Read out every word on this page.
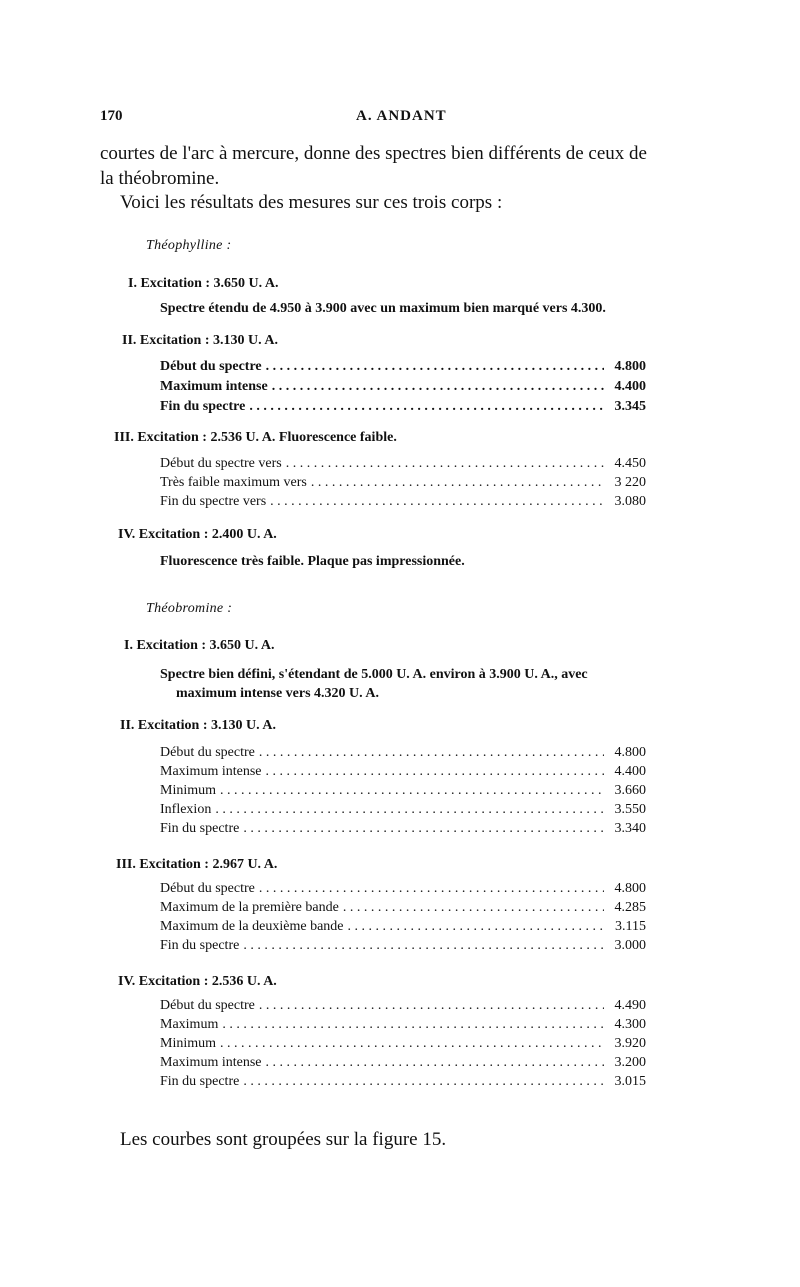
170	A. ANDANT
courtes de l'arc à mercure, donne des spectres bien différents de ceux de
la théobromine.
Voici les résultats des mesures sur ces trois corps :
Théophylline :
I. Excitation : 3.650 U. A.
Spectre étendu de 4.950 à 3.900 avec un maximum bien marqué vers 4.300.
II. Excitation : 3.130 U. A.
Début du spectre . . .	4.800
Maximum intense . . .	4.400
Fin du spectre . . .	3.345
III. Excitation : 2.536 U. A. Fluorescence faible.
Début du spectre vers . . .	4.450
Très faible maximum vers . . .	3 220
Fin du spectre vers . . .	3.080
IV. Excitation : 2.400 U. A.
Fluorescence très faible. Plaque pas impressionnée.
Théobromine :
I. Excitation : 3.650 U. A.
Spectre bien défini, s'étendant de 5.000 U. A. environ à 3.900 U. A., avec
maximum intense vers 4.320 U. A.
II. Excitation : 3.130 U. A.
Début du spectre . . .	4.800
Maximum intense . . .	4.400
Minimum . . .	3.660
Inflexion . . .	3.550
Fin du spectre . . .	3.340
III. Excitation : 2.967 U. A.
Début du spectre . . .	4.800
Maximum de la première bande . . .	4.285
Maximum de la deuxième bande . . .	3.115
Fin du spectre . . .	3.000
IV. Excitation : 2.536 U. A.
Début du spectre . . .	4.490
Maximum . . .	4.300
Minimum . . .	3.920
Maximum intense . . .	3.200
Fin du spectre . . .	3.015
Les courbes sont groupées sur la figure 15.
